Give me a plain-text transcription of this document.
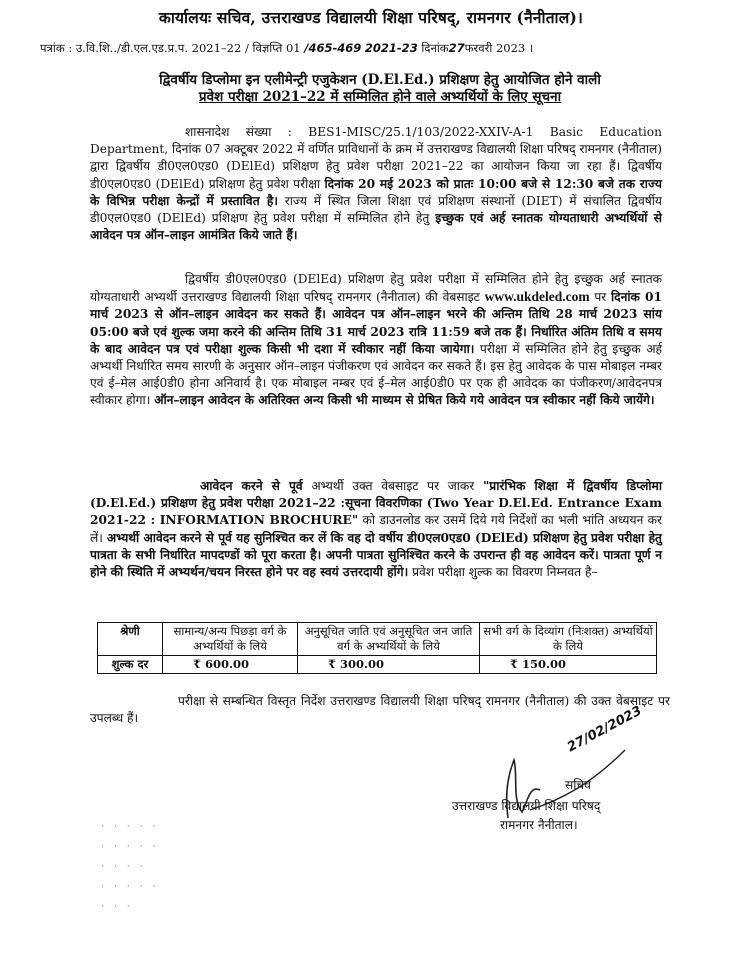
कार्यालयः सचिव, उत्तराखण्ड विद्यालयी शिक्षा परिषद्, रामनगर (नैनीताल)।
पत्रांक : उ.वि.शि../डी.एल.एड.प्र.प. 2021–22 / विज्ञप्ति 01 /465-469 2021-23 दिनांक27फरवरी 2023 ।
द्विवर्षीय डिप्लोमा इन एलीमेन्ट्री एजुकेशन (D.El.Ed.) प्रशिक्षण हेतु आयोजित होने वाली
प्रवेश परीक्षा 2021–22 में सम्मिलित होने वाले अभ्यर्थियों के लिए सूचना
शासनादेश संख्या : BES1-MISC/25.1/103/2022-XXIV-A-1 Basic Education Department, दिनांक 07 अक्टूबर 2022 में वर्णित प्राविधानों के क्रम में उत्तराखण्ड विद्यालयी शिक्षा परिषद् रामनगर (नैनीताल) द्वारा द्विवर्षीय डी0एल0एड0 (DElEd) प्रशिक्षण हेतु प्रवेश परीक्षा 2021–22 का आयोजन किया जा रहा हैं। द्विवर्षीय डी0एल0एड0 (DElEd) प्रशिक्षण हेतु प्रवेश परीक्षा दिनांक 20 मई 2023 को प्रातः 10:00 बजे से 12:30 बजे तक राज्य के विभिन्न परीक्षा केन्द्रों में प्रस्तावित है। राज्य में स्थित जिला शिक्षा एवं प्रशिक्षण संस्थानों (DIET) में संचालित द्विवर्षीय डी0एल0एड0 (DElEd) प्रशिक्षण हेतु प्रवेश परीक्षा में सम्मिलित होने हेतु इच्छुक एवं अर्ह स्नातक योग्यताधारी अभ्यर्थियों से आवेदन पत्र ऑन–लाइन आमंत्रित किये जाते हैं।
द्विवर्षीय डी0एल0एड0 (DElEd) प्रशिक्षण हेतु प्रवेश परीक्षा में सम्मिलित होने हेतु इच्छुक अर्ह स्नातक योग्यताधारी अभ्यर्थी उत्तराखण्ड विद्यालयी शिक्षा परिषद् रामनगर (नैनीताल) की वेबसाइट www.ukdeled.com पर दिनांक 01 मार्च 2023 से ऑन–लाइन आवेदन कर सकते हैं। आवेदन पत्र ऑन–लाइन भरने की अन्तिम तिथि 28 मार्च 2023 सांय 05:00 बजे एवं शुल्क जमा करने की अन्तिम तिथि 31 मार्च 2023 रात्रि 11:59 बजे तक हैं। निर्धारित अंतिम तिथि व समय के बाद आवेदन पत्र एवं परीक्षा शुल्क किसी भी दशा में स्वीकार नहीं किया जायेगा। परीक्षा में सम्मिलित होने हेतु इच्छुक अर्ह अभ्यर्थी निर्धारित समय सारणी के अनुसार ऑन–लाइन पंजीकरण एवं आवेदन कर सकते हैं। इस हेतु आवेदक के पास मोबाइल नम्बर एवं ई–मेल आई0डी0 होना अनिवार्य है। एक मोबाइल नम्बर एवं ई–मेल आई0डी0 पर एक ही आवेदक का पंजीकरण/आवेदनपत्र स्वीकार होगा। ऑन–लाइन आवेदन के अतिरिक्त अन्य किसी भी माध्यम से प्रेषित किये गये आवेदन पत्र स्वीकार नहीं किये जायेंगे।
आवेदन करने से पूर्व अभ्यर्थी उक्त वेबसाइट पर जाकर "प्रारंभिक शिक्षा में द्विवर्षीय डिप्लोमा (D.El.Ed.) प्रशिक्षण हेतु प्रवेश परीक्षा 2021–22 :सूचना विवरणिका (Two Year D.El.Ed. Entrance Exam 2021-22 : INFORMATION BROCHURE" को डाउनलोड कर उसमें दिये गये निर्देशों का भली भांति अध्ययन कर लें। अभ्यर्थी आवेदन करने से पूर्व यह सुनिश्चित कर लें कि वह दो वर्षीय डी0एल0एड0 (DElEd) प्रशिक्षण हेतु प्रवेश परीक्षा हेतु पात्रता के सभी निर्धारित मापदण्डों को पूरा करता है। अपनी पात्रता सुनिश्चित करने के उपरान्त ही वह आवेदन करें। पात्रता पूर्ण न होने की स्थिति में अभ्यर्थन/चयन निरस्त होने पर वह स्वयं उत्तरदायी होंगे। प्रवेश परीक्षा शुल्क का विवरण निम्नवत है–
श्रेणी	सामान्य/अन्य पिछड़ा वर्ग के अभ्यर्थियों के लिये	अनुसूचित जाति एवं अनुसूचित जन जाति वर्ग के अभ्यर्थियों के लिये	सभी वर्ग के दिव्यांग (निःशक्त) अभ्यर्थियों के लिये
शुल्क दर	₹ 600.00	₹ 300.00	₹ 150.00
परीक्षा से सम्बन्धित विस्तृत निर्देश उत्तराखण्ड विद्यालयी शिक्षा परिषद् रामनगर (नैनीताल) की उक्त वेबसाइट पर उपलब्ध हैं।	27/02/2023
सचिव
उत्तराखण्ड विद्यालयी शिक्षा परिषद्
रामनगर नैनीताल।
· · · · ·
· · · · ·
· · · ·
· · · · ·
· · ·
